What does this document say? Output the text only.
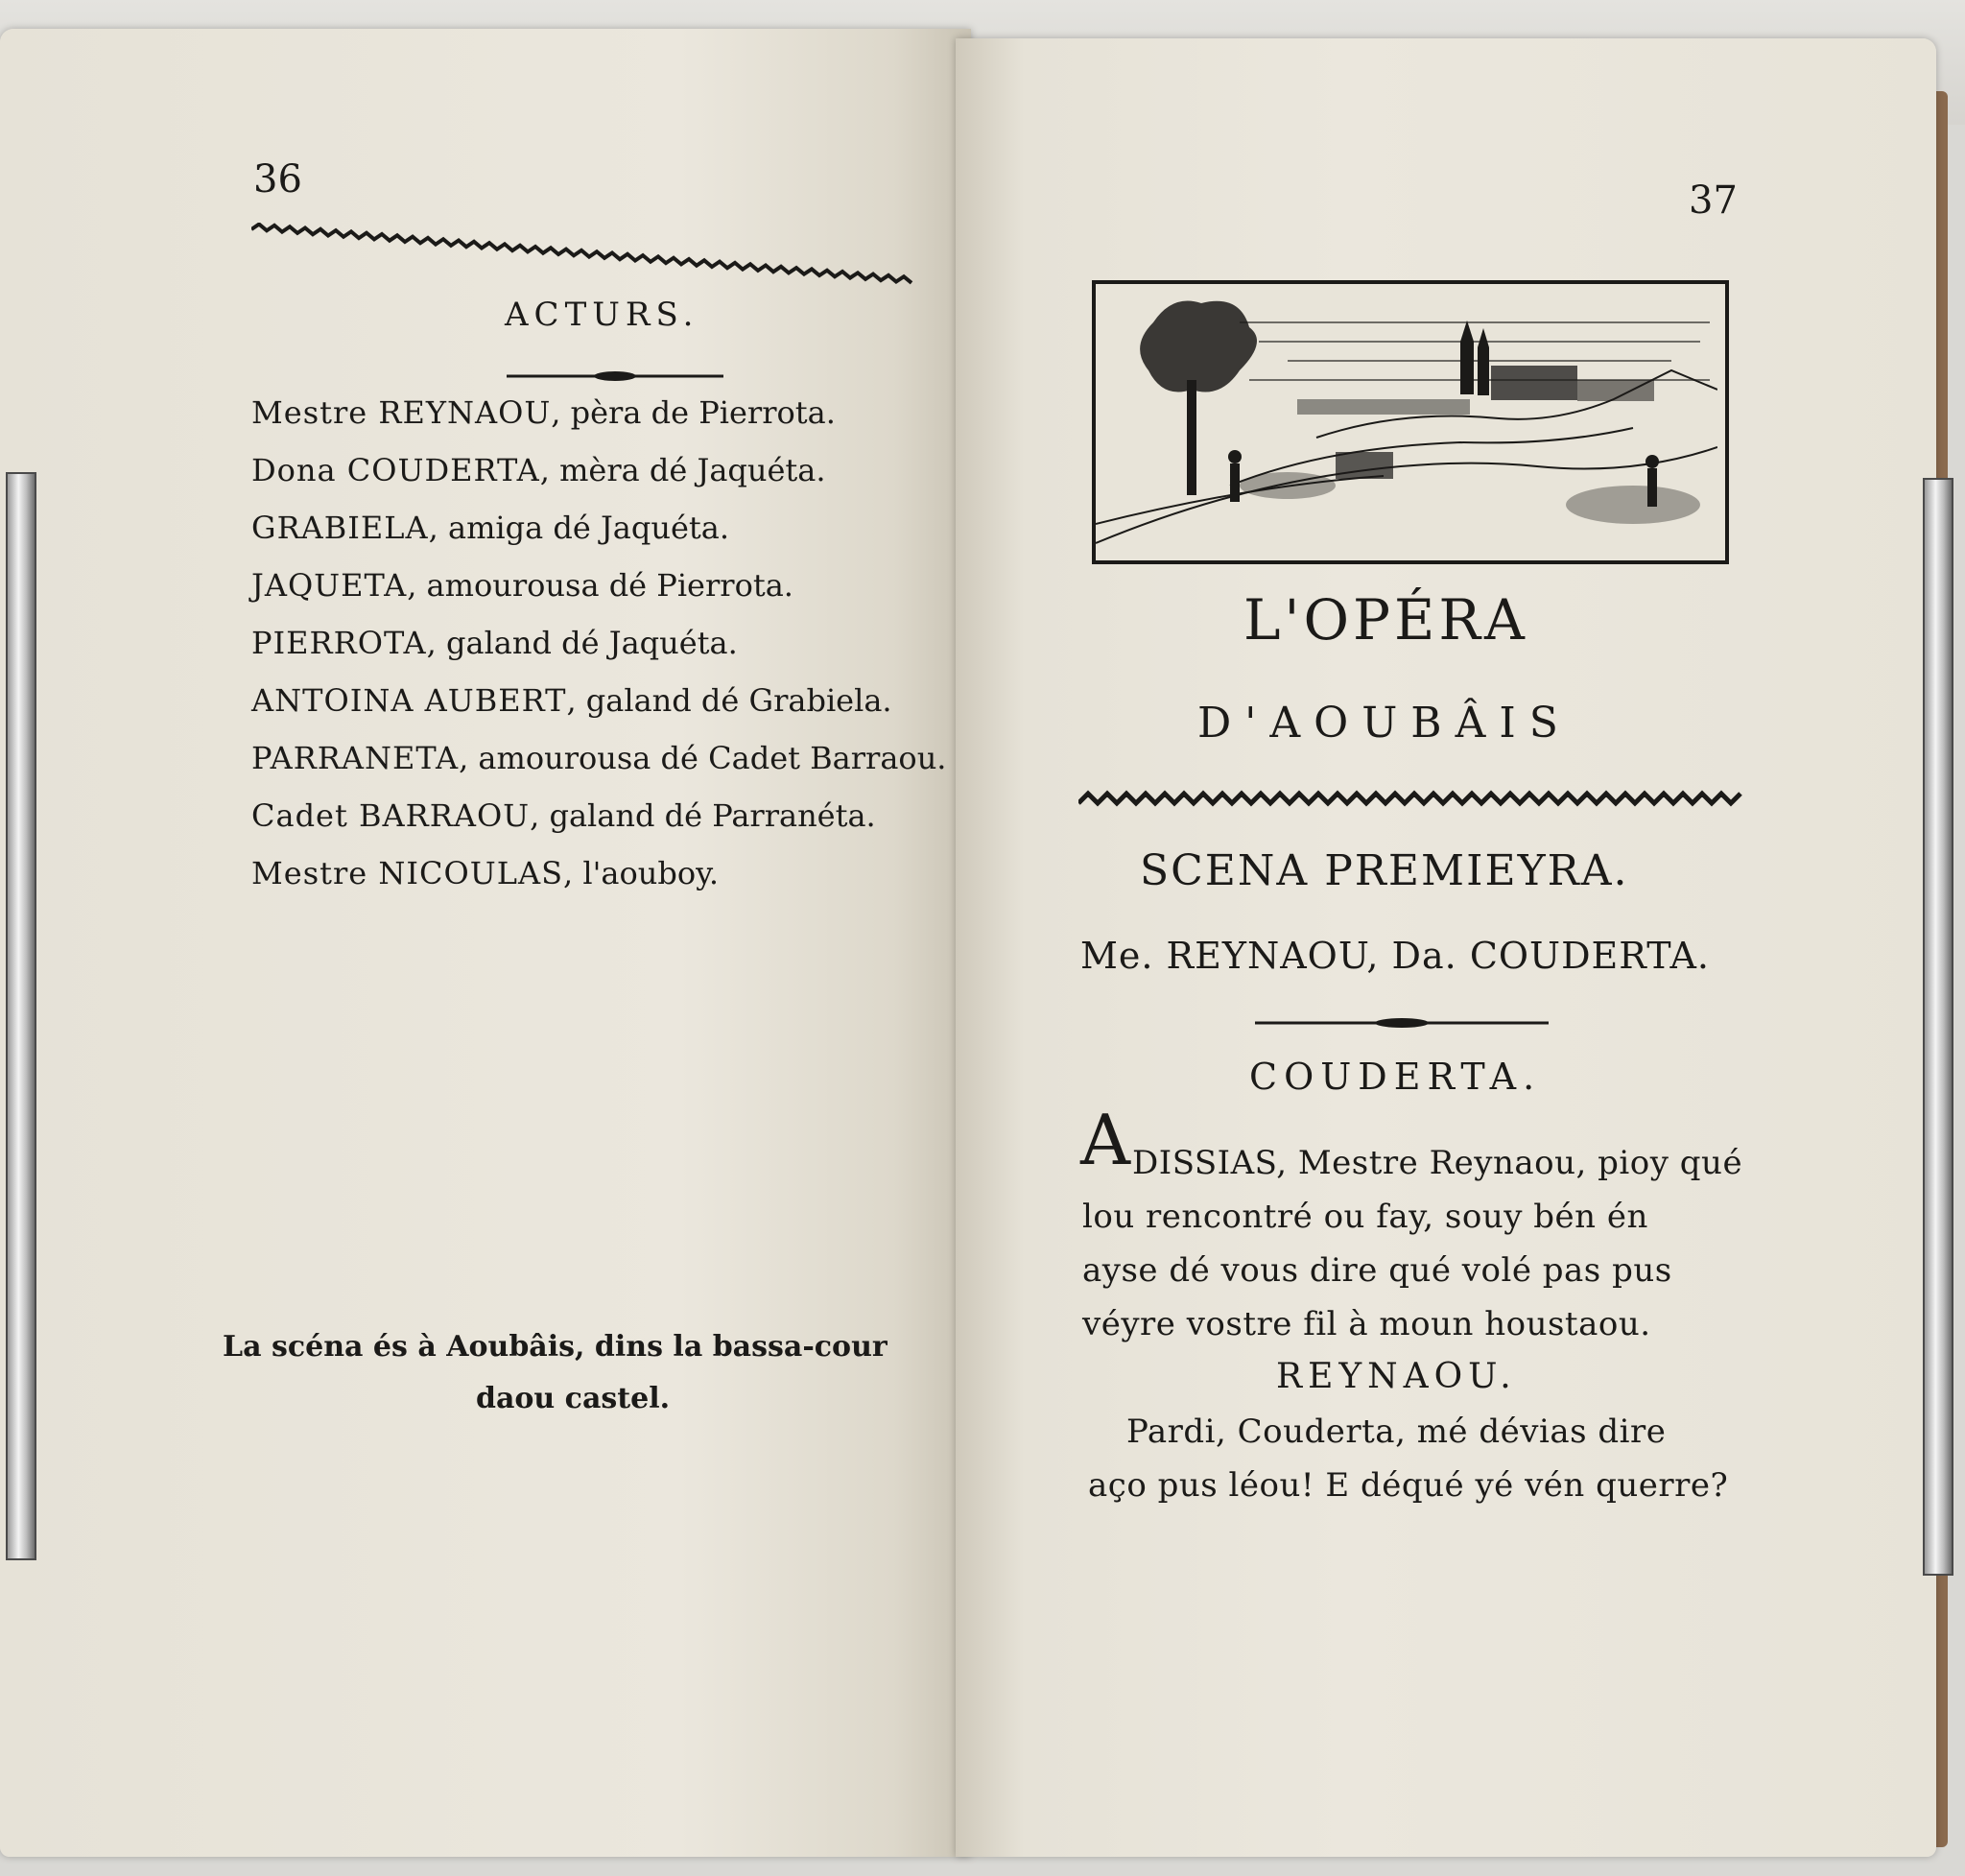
36

ACTURS.

Mestre REYNAOU, pèra de Pierrota.
Dona COUDERTA, mèra dé Jaquéta.
GRABIELA, amiga dé Jaquéta.
JAQUETA, amourousa dé Pierrota.
PIERROTA, galand dé Jaquéta.
ANTOINA AUBERT, galand dé Grabiela.
PARRANETA, amourousa dé Cadet Barraou.
Cadet BARRAOU, galand dé Parranéta.
Mestre NICOULAS, l'aouboy.

La scéna és à Aoubâis, dins la bassa-cour

daou castel.

37

L'OPÉRA

D'AOUBÂIS

SCENA PREMIEYRA.

Me. REYNAOU, Da. COUDERTA.

COUDERTA.

A DISSIAS, Mestre Reynaou, pioy qué

lou rencontré ou fay, souy bén én

ayse dé vous dire qué volé pas pus

véyre vostre fil à moun houstaou.

REYNAOU.

Pardi, Couderta, mé dévias dire

aço pus léou! E déqué yé vén querre?
